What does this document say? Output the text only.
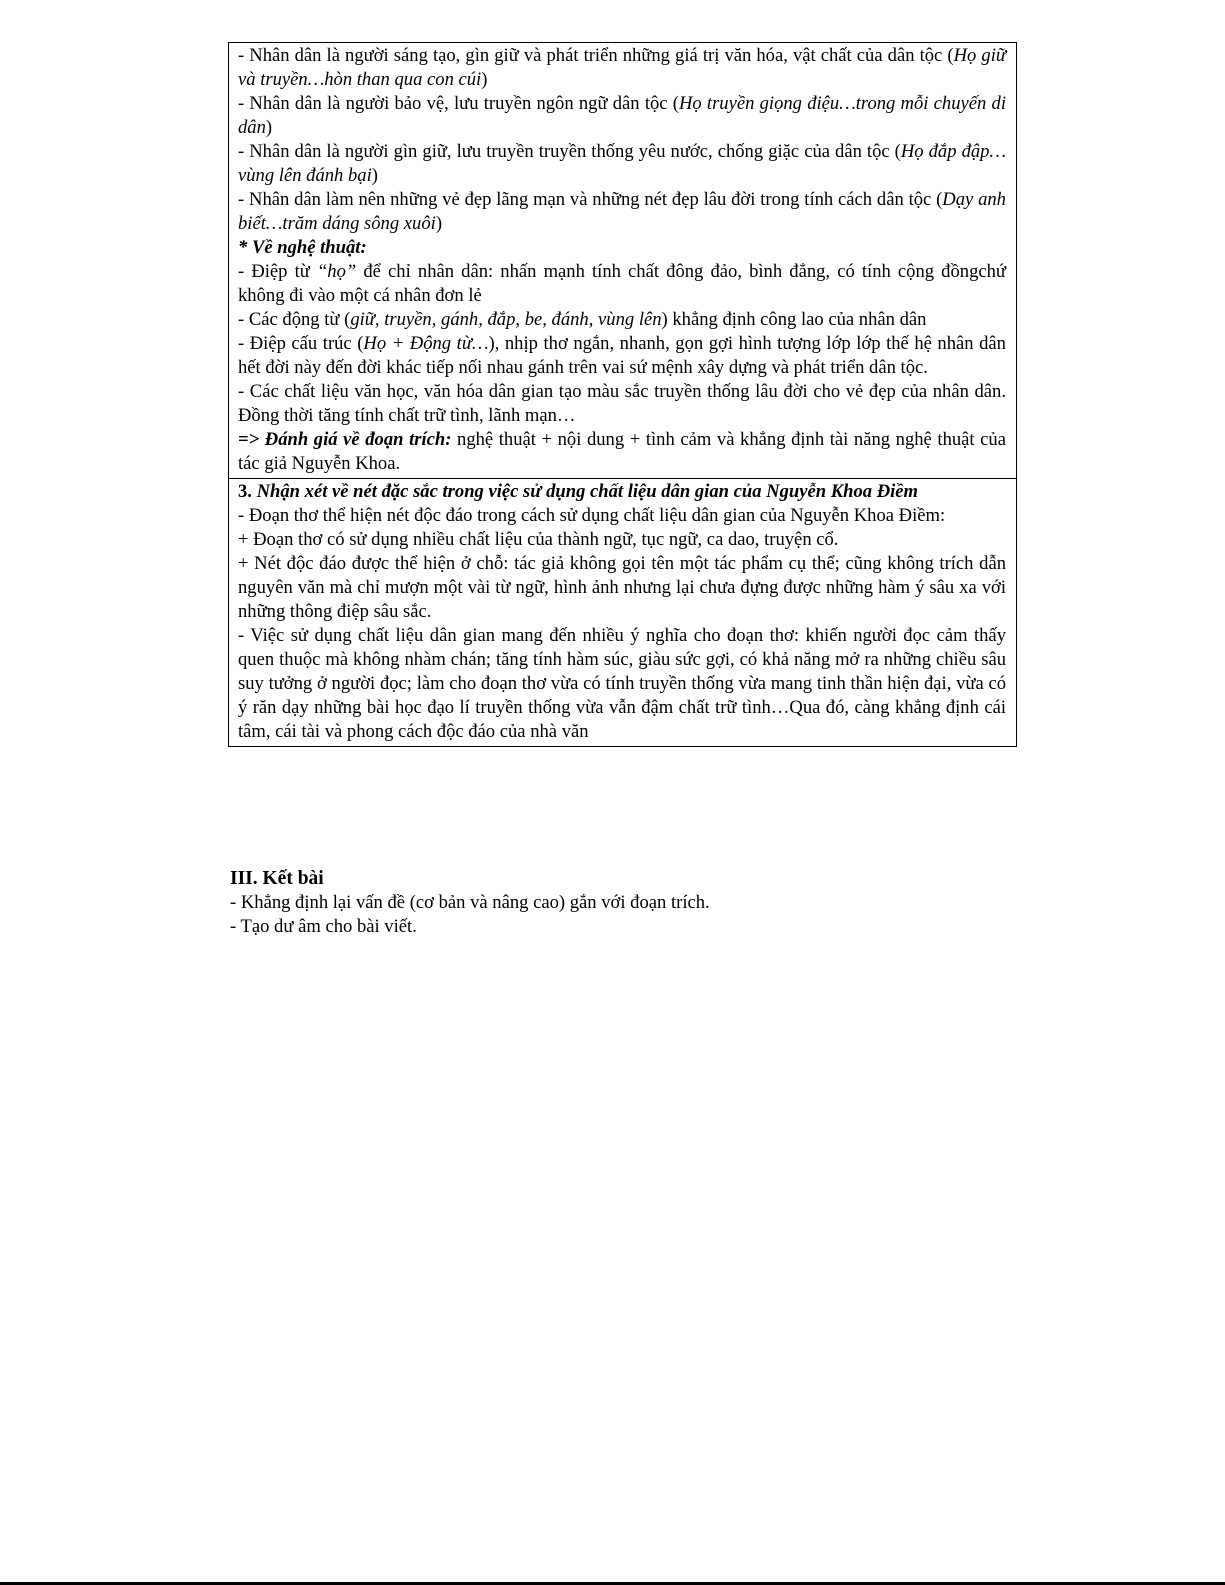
- Nhân dân là người sáng tạo, gìn giữ và phát triển những giá trị văn hóa, vật chất của dân tộc (Họ giữ và truyền…hòn than qua con cúi)

- Nhân dân là người bảo vệ, lưu truyền ngôn ngữ dân tộc (Họ truyền giọng điệu…trong mỗi chuyến di dân)

- Nhân dân là người gìn giữ, lưu truyền truyền thống yêu nước, chống giặc của dân tộc (Họ đắp đập…vùng lên đánh bại)

- Nhân dân làm nên những vẻ đẹp lãng mạn và những nét đẹp lâu đời trong tính cách dân tộc (Dạy anh biết…trăm dáng sông xuôi)

* Về nghệ thuật:

- Điệp từ “họ” để chỉ nhân dân: nhấn mạnh tính chất đông đảo, bình đẳng, có tính cộng đồngchứ không đi vào một cá nhân đơn lẻ

- Các động từ (giữ, truyền, gánh, đắp, be, đánh, vùng lên) khẳng định công lao của nhân dân

- Điệp cấu trúc (Họ + Động từ…), nhịp thơ ngắn, nhanh, gọn gợi hình tượng lớp lớp thế hệ nhân dân hết đời này đến đời khác tiếp nối nhau gánh trên vai sứ mệnh xây dựng và phát triển dân tộc.

- Các chất liệu văn học, văn hóa dân gian tạo màu sắc truyền thống lâu đời cho vẻ đẹp của nhân dân. Đồng thời tăng tính chất trữ tình, lãnh mạn…

=> Đánh giá về đoạn trích: nghệ thuật + nội dung + tình cảm và khẳng định tài năng nghệ thuật của tác giả Nguyễn Khoa.

3. Nhận xét về nét đặc sắc trong việc sử dụng chất liệu dân gian của Nguyễn Khoa Điềm

- Đoạn thơ thể hiện nét độc đáo trong cách sử dụng chất liệu dân gian của Nguyễn Khoa Điềm:

+ Đoạn thơ có sử dụng nhiều chất liệu của thành ngữ, tục ngữ, ca dao, truyện cổ.

+ Nét độc đáo được thể hiện ở chỗ: tác giả không gọi tên một tác phẩm cụ thể; cũng không trích dẫn nguyên văn mà chỉ mượn một vài từ ngữ, hình ảnh nhưng lại chưa đựng được những hàm ý sâu xa với những thông điệp sâu sắc.

- Việc sử dụng chất liệu dân gian mang đến nhiều ý nghĩa cho đoạn thơ: khiến người đọc cảm thấy quen thuộc mà không nhàm chán; tăng tính hàm súc, giàu sức gợi, có khả năng mở ra những chiều sâu suy tưởng ở người đọc; làm cho đoạn thơ vừa có tính truyền thống vừa mang tinh thần hiện đại, vừa có ý răn dạy những bài học đạo lí truyền thống vừa vẫn đậm chất trữ tình…Qua đó, càng khẳng định cái tâm, cái tài và phong cách độc đáo của nhà văn

III. Kết bài

- Khẳng định lại vấn đề (cơ bản và nâng cao) gắn với đoạn trích.

- Tạo dư âm cho bài viết.
